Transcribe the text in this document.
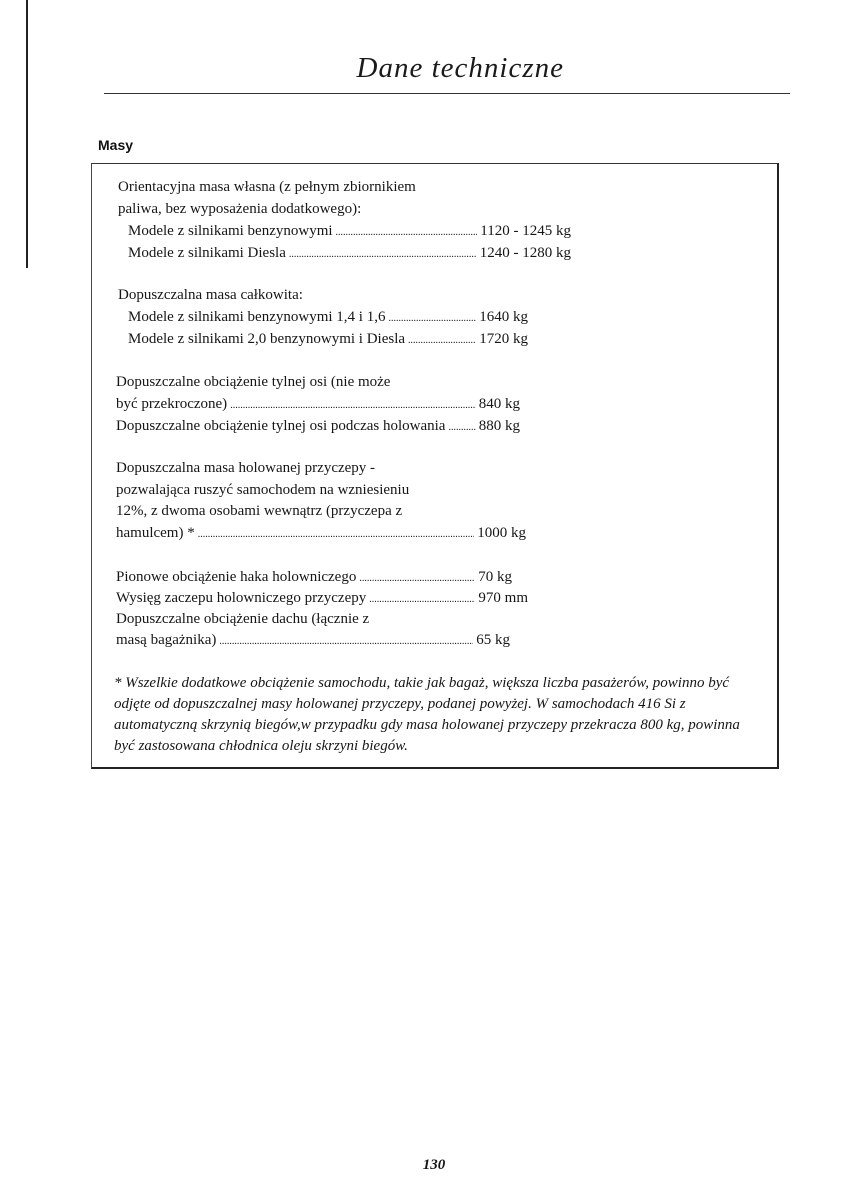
Dane techniczne
Masy
Orientacyjna masa własna (z pełnym zbiornikiem
paliwa, bez wyposażenia dodatkowego):
Modele z silnikami benzynowymi .....	1120 - 1245 kg
Modele z silnikami Diesla .....	1240 - 1280 kg
Dopuszczalna masa całkowita:
Modele z silnikami benzynowymi 1,4 i 1,6 .....	1640 kg
Modele z silnikami 2,0 benzynowymi i Diesla .....	1720 kg
Dopuszczalne obciążenie tylnej osi (nie może
być przekroczone) .....	840 kg
Dopuszczalne obciążenie tylnej osi podczas holowania ..... 880 kg
Dopuszczalna masa holowanej przyczepy -
pozwalająca ruszyć samochodem na wzniesieniu
12%, z dwoma osobami wewnątrz (przyczepa z
hamulcem) * .....	1000 kg
Pionowe obciążenie haka holowniczego .....	70 kg
Wysięg zaczepu holowniczego przyczepy .....	970 mm
Dopuszczalne obciążenie dachu (łącznie z
masą bagażnika) .....	65 kg
* Wszelkie dodatkowe obciążenie samochodu, takie jak bagaż, większa liczba pasażerów, powinno być odjęte od dopuszczalnej masy holowanej przyczepy, podanej powyżej. W samochodach 416 Si z automatyczną skrzynią biegów,w przypadku gdy masa holowanej przyczepy przekracza 800 kg, powinna być zastosowana chłodnica oleju skrzyni biegów.
130
